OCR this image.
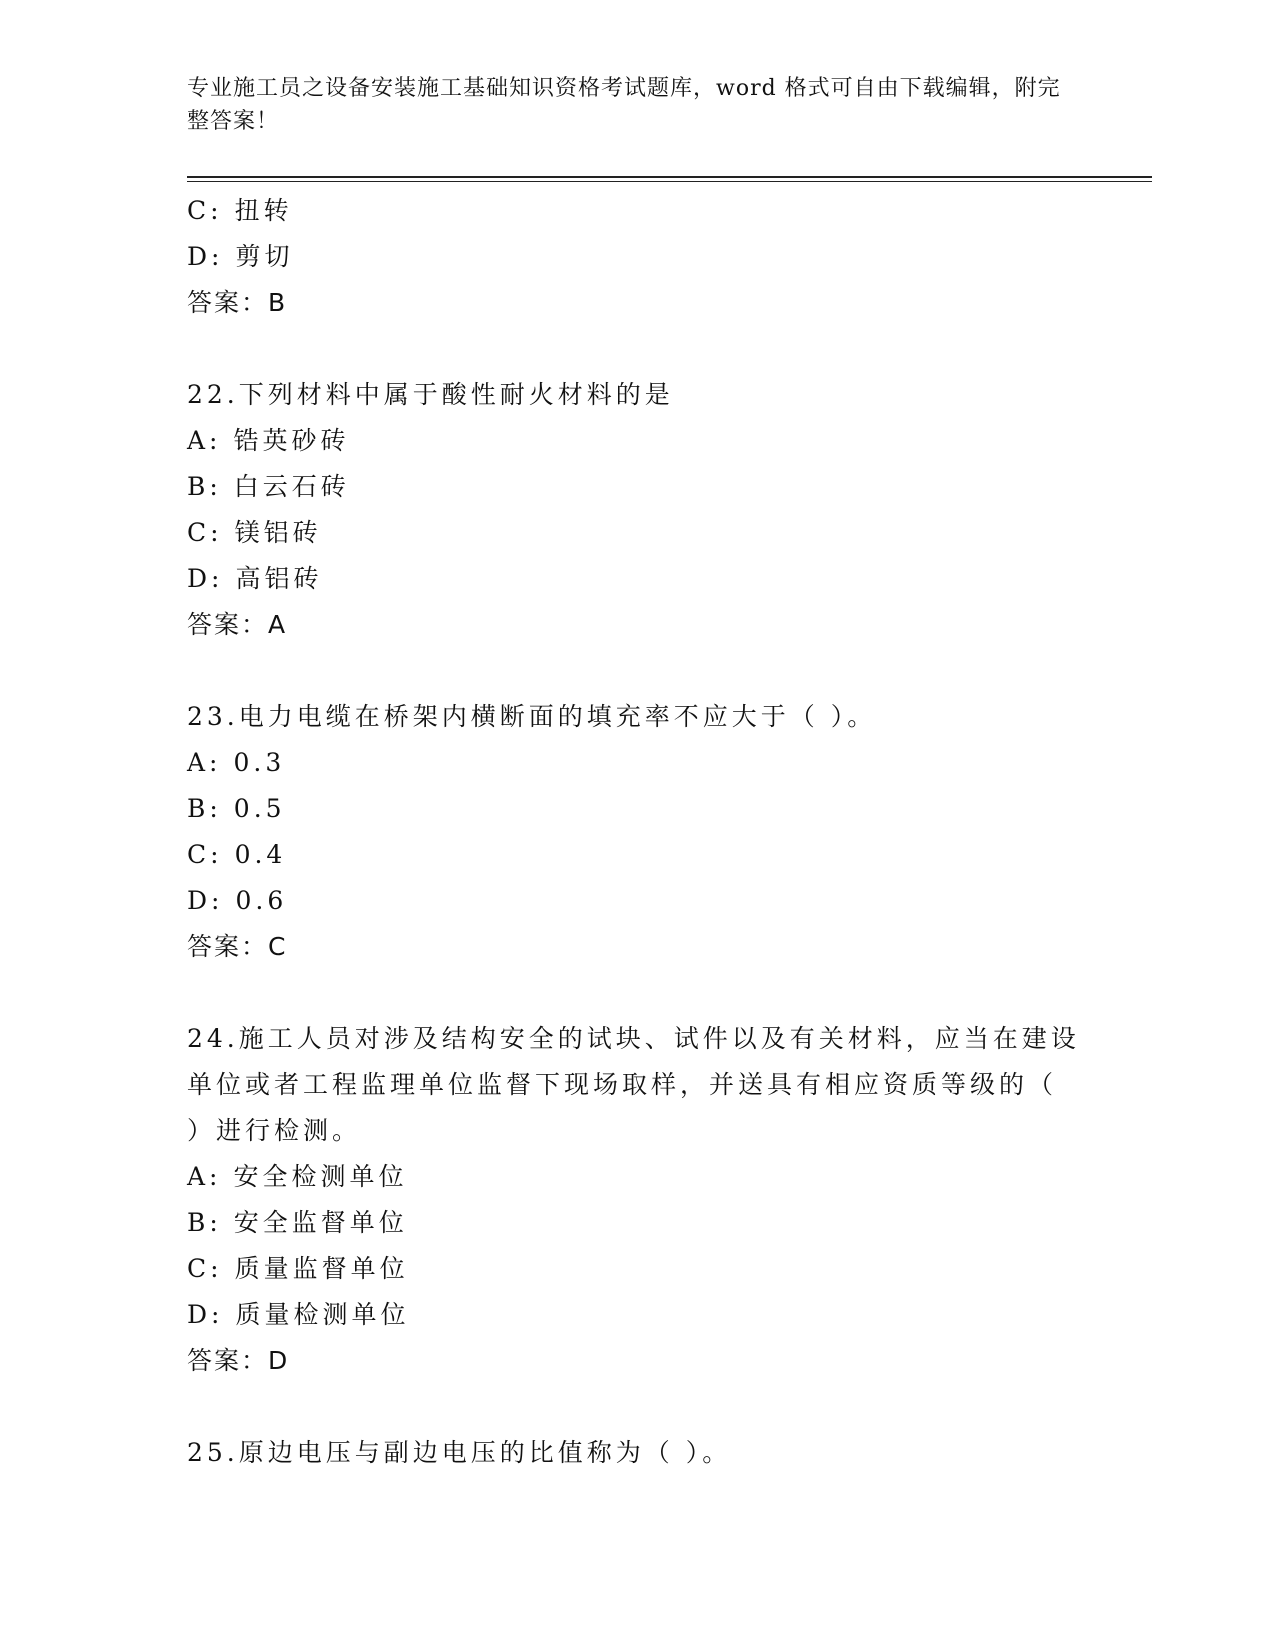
专业施工员之设备安装施工基础知识资格考试题库，word 格式可自由下载编辑，附完整答案！
C: 扭转
D: 剪切
答案：B
22.下列材料中属于酸性耐火材料的是
A: 锆英砂砖
B: 白云石砖
C: 镁铝砖
D: 高铝砖
答案：A
23.电力电缆在桥架内横断面的填充率不应大于（ ）。
A: 0.3
B: 0.5
C: 0.4
D: 0.6
答案：C
24.施工人员对涉及结构安全的试块、试件以及有关材料，应当在建设
单位或者工程监理单位监督下现场取样，并送具有相应资质等级的（
）进行检测。
A: 安全检测单位
B: 安全监督单位
C: 质量监督单位
D: 质量检测单位
答案：D
25.原边电压与副边电压的比值称为（ ）。
